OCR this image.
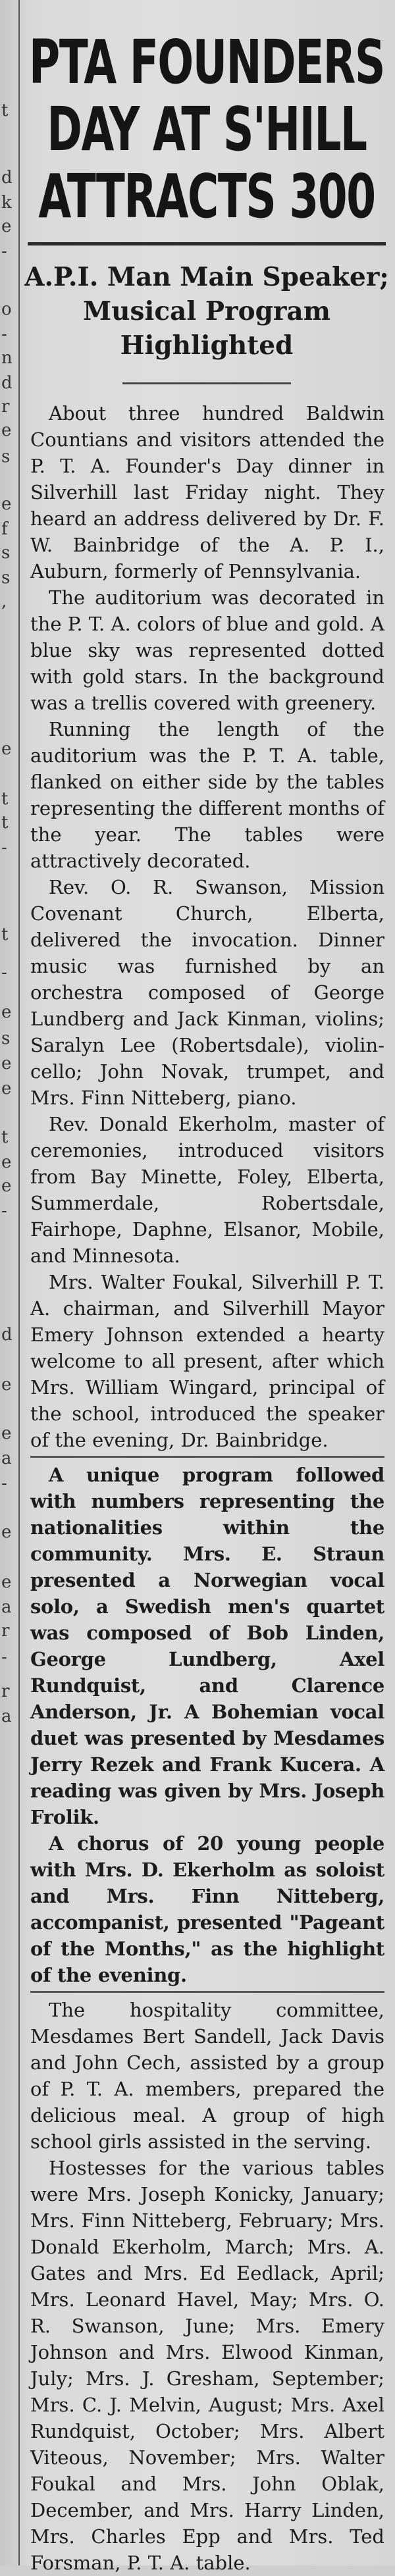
t
d
k
e
-
o
-
n
d
r
e
s
e
f
s
s
,
e
t
t
-
t
-
e
s
e
e
t
e
e
-
d
e
e
a
-
e
e
a
r
-
r
a
PTA FOUNDERS
DAY AT S'HILL
ATTRACTS 300
A.P.I. Man Main Speaker;
Musical Program
Highlighted

About three hundred Baldwin Countians and visitors attended the P. T. A. Founder's Day dinner in Silverhill last Friday night. They heard an address delivered by Dr. F. W. Bainbridge of the A. P. I., Auburn, formerly of Pennsylvania.

The auditorium was decorated in the P. T. A. colors of blue and gold. A blue sky was represented dotted with gold stars. In the background was a trellis covered with greenery.

Running the length of the auditorium was the P. T. A. table, flanked on either side by the tables representing the different months of the year. The tables were attractively decorated.

Rev. O. R. Swanson, Mission Covenant Church, Elberta, delivered the invocation. Dinner music was furnished by an orchestra composed of George Lundberg and Jack Kinman, violins; Saralyn Lee (Robertsdale), violin-cello; John Novak, trumpet, and Mrs. Finn Nitteberg, piano.

Rev. Donald Ekerholm, master of ceremonies, introduced visitors from Bay Minette, Foley, Elberta, Summerdale, Robertsdale, Fairhope, Daphne, Elsanor, Mobile, and Minnesota.

Mrs. Walter Foukal, Silverhill P. T. A. chairman, and Silverhill Mayor Emery Johnson extended a hearty welcome to all present, after which Mrs. William Wingard, principal of the school, introduced the speaker of the evening, Dr. Bainbridge.

A unique program followed with numbers representing the nationalities within the community. Mrs. E. Straun presented a Norwegian vocal solo, a Swedish men's quartet was composed of Bob Linden, George Lundberg, Axel Rundquist, and Clarence Anderson, Jr. A Bohemian vocal duet was presented by Mesdames Jerry Rezek and Frank Kucera. A reading was given by Mrs. Joseph Frolik.

A chorus of 20 young people with Mrs. D. Ekerholm as soloist and Mrs. Finn Nitteberg, accompanist, presented "Pageant of the Months," as the highlight of the evening.

The hospitality committee, Mesdames Bert Sandell, Jack Davis and John Cech, assisted by a group of P. T. A. members, prepared the delicious meal. A group of high school girls assisted in the serving.

Hostesses for the various tables were Mrs. Joseph Konicky, January; Mrs. Finn Nitteberg, February; Mrs. Donald Ekerholm, March; Mrs. A. Gates and Mrs. Ed Eedlack, April; Mrs. Leonard Havel, May; Mrs. O. R. Swanson, June; Mrs. Emery Johnson and Mrs. Elwood Kinman, July; Mrs. J. Gresham, September; Mrs. C. J. Melvin, August; Mrs. Axel Rundquist, October; Mrs. Albert Viteous, November; Mrs. Walter Foukal and Mrs. John Oblak, December, and Mrs. Harry Linden, Mrs. Charles Epp and Mrs. Ted Forsman, P. T. A. table.
